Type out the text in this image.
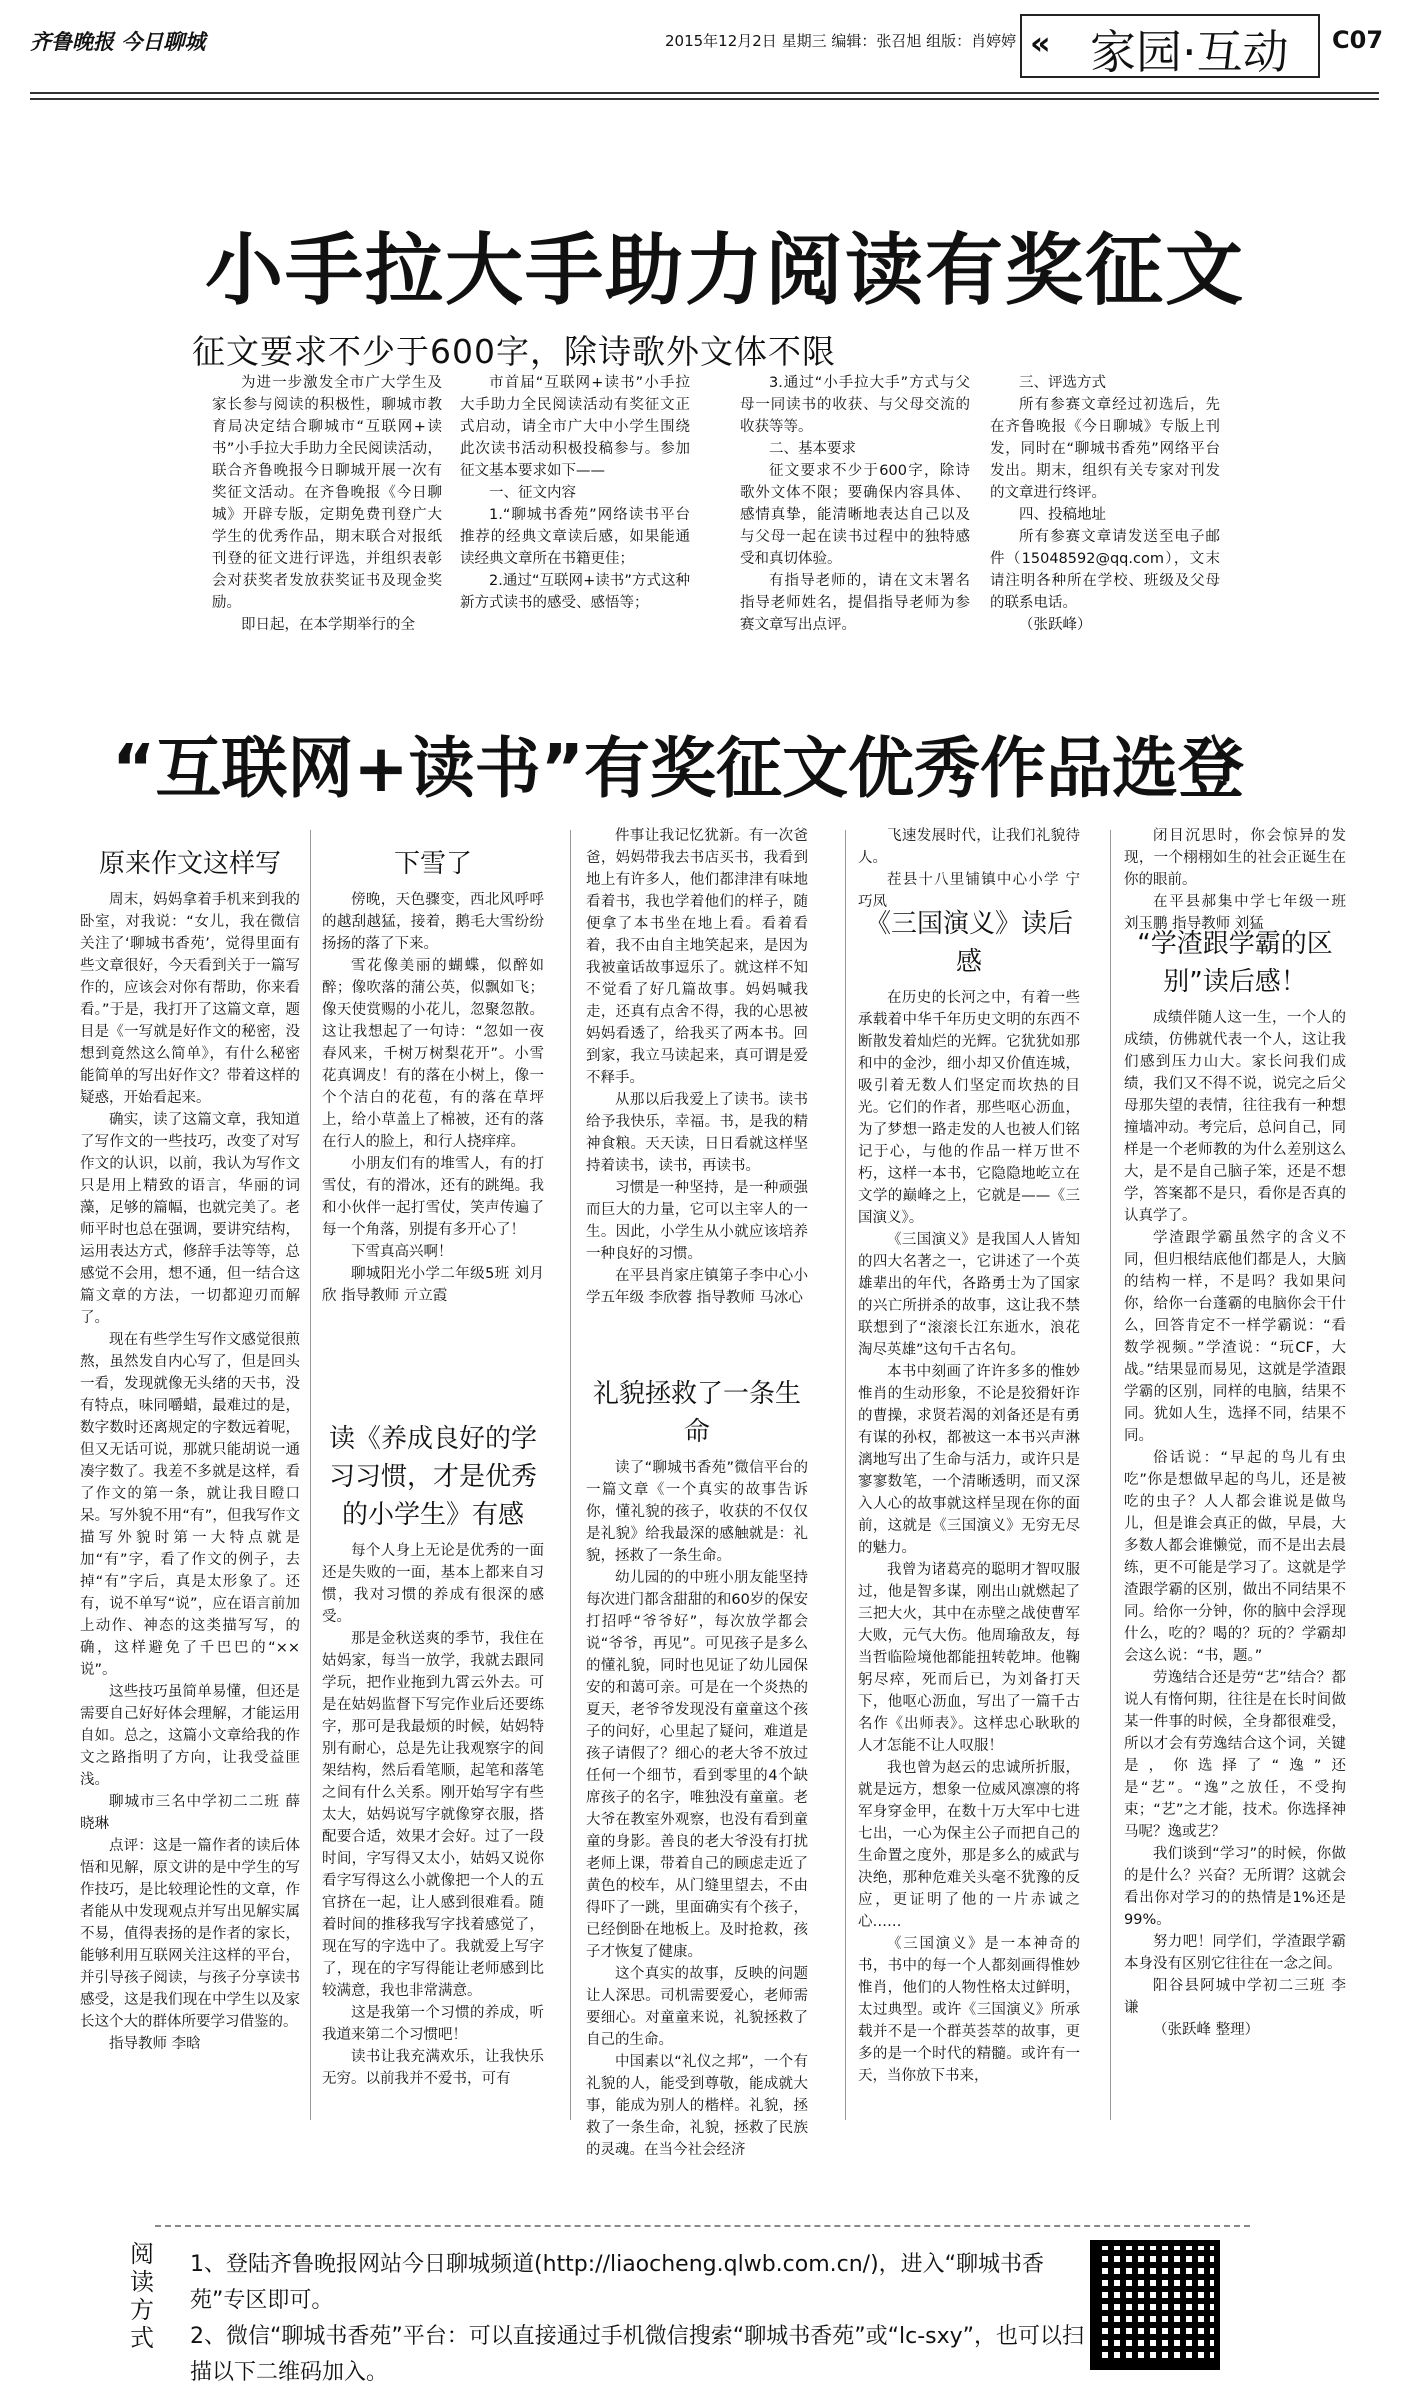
齐鲁晚报 今日聊城	2015年12月2日 星期三 编辑：张召旭 组版：肖婷婷 « 家园·互动 C07
小手拉大手助力阅读有奖征文
征文要求不少于600字，除诗歌外文体不限

为进一步激发全市广大学生及家长参与阅读的积极性，聊城市教育局决定结合聊城市“互联网+读书”小手拉大手助力全民阅读活动，联合齐鲁晚报今日聊城开展一次有奖征文活动。在齐鲁晚报《今日聊城》开辟专版，定期免费刊登广大学生的优秀作品，期末联合对报纸刊登的征文进行评选，并组织表彰会对获奖者发放获奖证书及现金奖励。

即日起，在本学期举行的全

市首届“互联网+读书”小手拉大手助力全民阅读活动有奖征文正式启动，请全市广大中小学生围绕此次读书活动积极投稿参与。参加征文基本要求如下——

一、征文内容

1.“聊城书香苑”网络读书平台推荐的经典文章读后感，如果能通读经典文章所在书籍更佳；

2.通过“互联网+读书”方式这种新方式读书的感受、感悟等；

3.通过“小手拉大手”方式与父母一同读书的收获、与父母交流的收获等等。

二、基本要求

征文要求不少于600字，除诗歌外文体不限；要确保内容具体、感情真挚，能清晰地表达自己以及与父母一起在读书过程中的独特感受和真切体验。

有指导老师的，请在文末署名指导老师姓名，提倡指导老师为参赛文章写出点评。

三、评选方式

所有参赛文章经过初选后，先在齐鲁晚报《今日聊城》专版上刊发，同时在“聊城书香苑”网络平台发出。期末，组织有关专家对刊发的文章进行终评。

四、投稿地址

所有参赛文章请发送至电子邮件（15048592@qq.com），文末请注明各种所在学校、班级及父母的联系电话。

（张跃峰）

“互联网+读书”有奖征文优秀作品选登
原来作文这样写

周末，妈妈拿着手机来到我的卧室，对我说：“女儿，我在微信关注了‘聊城书香苑’，觉得里面有些文章很好，今天看到关于一篇写作的，应该会对你有帮助，你来看看。”于是，我打开了这篇文章，题目是《一写就是好作文的秘密，没想到竟然这么简单》，有什么秘密能简单的写出好作文？带着这样的疑惑，开始看起来。

确实，读了这篇文章，我知道了写作文的一些技巧，改变了对写作文的认识，以前，我认为写作文只是用上精致的语言，华丽的词藻，足够的篇幅，也就完美了。老师平时也总在强调，要讲究结构，运用表达方式，修辞手法等等，总感觉不会用，想不通，但一结合这篇文章的方法，一切都迎刃而解了。

现在有些学生写作文感觉很煎熬，虽然发自内心写了，但是回头一看，发现就像无头绪的天书，没有特点，味同嚼蜡，最难过的是，数字数时还离规定的字数远着呢，但又无话可说，那就只能胡说一通凑字数了。我差不多就是这样，看了作文的第一条，就让我目瞪口呆。写外貌不用“有”，但我写作文描写外貌时第一大特点就是加“有”字，看了作文的例子，去掉“有”字后，真是太形象了。还有，说不单写“说”，应在语言前加上动作、神态的这类描写写，的确，这样避免了千巴巴的“××说”。

这些技巧虽简单易懂，但还是需要自己好好体会理解，才能运用自如。总之，这篇小文章给我的作文之路指明了方向，让我受益匪浅。

聊城市三名中学初二二班 薛晓琳

点评：这是一篇作者的读后体悟和见解，原文讲的是中学生的写作技巧，是比较理论性的文章，作者能从中发现观点并写出见解实属不易，值得表扬的是作者的家长，能够利用互联网关注这样的平台，并引导孩子阅读，与孩子分享读书感受，这是我们现在中学生以及家长这个大的群体所要学习借鉴的。

指导教师 李晗

下雪了

傍晚，天色骤变，西北风呼呼的越刮越猛，接着，鹅毛大雪纷纷扬扬的落了下来。

雪花像美丽的蝴蝶，似醉如醉；像吹落的蒲公英，似飘如飞；像天使赏赐的小花儿，忽聚忽散。这让我想起了一句诗：“忽如一夜春风来，千树万树梨花开”。小雪花真调皮！有的落在小树上，像一个个洁白的花苞，有的落在草坪上，给小草盖上了棉被，还有的落在行人的脸上，和行人挠痒痒。

小朋友们有的堆雪人，有的打雪仗，有的滑冰，还有的跳绳。我和小伙伴一起打雪仗，笑声传遍了每一个角落，别提有多开心了！

下雪真高兴啊！

聊城阳光小学二年级5班 刘月欣 指导教师 亓立霞

读《养成良好的学习习惯，才是优秀的小学生》有感

每个人身上无论是优秀的一面还是失败的一面，基本上都来自习惯，我对习惯的养成有很深的感受。

那是金秋送爽的季节，我住在姑妈家，每当一放学，我就去跟同学玩，把作业拖到九霄云外去。可是在姑妈监督下写完作业后还要练字，那可是我最烦的时候，姑妈特别有耐心，总是先让我观察字的间架结构，然后看笔顺，起笔和落笔之间有什么关系。刚开始写字有些太大，姑妈说写字就像穿衣服，搭配要合适，效果才会好。过了一段时间，字写得又太小，姑妈又说你看字写得这么小就像把一个人的五官挤在一起，让人感到很难看。随着时间的推移我写字找着感觉了，现在写的字选中了。我就爱上写字了，现在的字写得能让老师感到比较满意，我也非常满意。

这是我第一个习惯的养成，听我道来第二个习惯吧！

读书让我充满欢乐，让我快乐无穷。以前我并不爱书，可有

件事让我记忆犹新。有一次爸爸，妈妈带我去书店买书，我看到地上有许多人，他们都津津有味地看着书，我也学着他们的样子，随便拿了本书坐在地上看。看着看着，我不由自主地笑起来，是因为我被童话故事逗乐了。就这样不知不觉看了好几篇故事。妈妈喊我走，还真有点舍不得，我的心思被妈妈看透了，给我买了两本书。回到家，我立马读起来，真可谓是爱不释手。

从那以后我爱上了读书。读书给予我快乐，幸福。书，是我的精神食粮。天天读，日日看就这样坚持着读书，读书，再读书。

习惯是一种坚持，是一种顽强而巨大的力量，它可以主宰人的一生。因此，小学生从小就应该培养一种良好的习惯。

在平县肖家庄镇第子李中心小学五年级 李欣蓉 指导教师 马冰心

礼貌拯救了一条生命

读了“聊城书香苑”微信平台的一篇文章《一个真实的故事告诉你，懂礼貌的孩子，收获的不仅仅是礼貌》给我最深的感触就是：礼貌，拯救了一条生命。

幼儿园的的中班小朋友能坚持每次进门都含甜甜的和60岁的保安打招呼“爷爷好”，每次放学都会说“爷爷，再见”。可见孩子是多么的懂礼貌，同时也见证了幼儿园保安的和蔼可亲。可是在一个炎热的夏天，老爷爷发现没有童童这个孩子的问好，心里起了疑问，难道是孩子请假了？细心的老大爷不放过任何一个细节，看到零里的4个缺席孩子的名字，唯独没有童童。老大爷在教室外观察，也没有看到童童的身影。善良的老大爷没有打扰老师上课，带着自己的顾虑走近了黄色的校车，从门缝里望去，不由得吓了一跳，里面确实有个孩子，已经倒卧在地板上。及时抢救，孩子才恢复了健康。

这个真实的故事，反映的问题让人深思。司机需要爱心，老师需要细心。对童童来说，礼貌拯救了自己的生命。

中国素以“礼仪之邦”，一个有礼貌的人，能受到尊敬，能成就大事，能成为别人的楷样。礼貌，拯救了一条生命，礼貌，拯救了民族的灵魂。在当今社会经济

飞速发展时代，让我们礼貌待人。

茬县十八里铺镇中心小学 宁巧凤

《三国演义》读后感

在历史的长河之中，有着一些承载着中华千年历史文明的东西不断散发着灿烂的光辉。它犹犹如那和中的金沙，细小却又价值连城，吸引着无数人们坚定而坎热的目光。它们的作者，那些呕心沥血，为了梦想一路走发的人也被人们铭记于心，与他的作品一样万世不朽，这样一本书，它隐隐地屹立在文学的巅峰之上，它就是——《三国演义》。

《三国演义》是我国人人皆知的四大名著之一，它讲述了一个英雄辈出的年代，各路勇士为了国家的兴亡所拼杀的故事，这让我不禁联想到了“滚滚长江东逝水，浪花淘尽英雄”这句千古名句。

本书中刻画了许许多多的惟妙惟肖的生动形象，不论是狡猾奸诈的曹操，求贤若渴的刘备还是有勇有谋的孙权，都被这一本书兴声淋漓地写出了生命与活力，或许只是寥寥数笔，一个清晰透明，而又深入人心的故事就这样呈现在你的面前，这就是《三国演义》无穷无尽的魅力。

我曾为诸葛亮的聪明才智叹服过，他是智多谋，刚出山就燃起了三把大火，其中在赤壁之战使曹军大败，元气大伤。他周瑜敌友，每当哲临险境他都能扭转乾坤。他鞠躬尽瘁，死而后已，为刘备打天下，他呕心沥血，写出了一篇千古名作《出师表》。这样忠心耿耿的人才怎能不让人叹服！

我也曾为赵云的忠诚所折服，就是远方，想象一位威风凛凛的将军身穿金甲，在数十万大军中七进七出，一心为保主公子而把自己的生命置之度外，那是多么的威武与决绝，那种危难关头毫不犹豫的反应，更证明了他的一片赤诚之心……

《三国演义》是一本神奇的书，书中的每一个人都刻画得惟妙惟肖，他们的人物性格太过鲜明，太过典型。或许《三国演义》所承载并不是一个群英荟萃的故事，更多的是一个时代的精髓。或许有一天，当你放下书来，

闭目沉思时，你会惊异的发现，一个栩栩如生的社会正诞生在你的眼前。

在平县郝集中学七年级一班 刘玉鹏 指导教师 刘猛

“学渣跟学霸的区别”读后感！

成绩伴随人这一生，一个人的成绩，仿佛就代表一个人，这让我们感到压力山大。家长问我们成绩，我们又不得不说，说完之后父母那失望的表情，往往我有一种想撞墙冲动。考完后，总问自己，同样是一个老师教的为什么差别这么大，是不是自己脑子笨，还是不想学，答案都不是只，看你是否真的认真学了。

学渣跟学霸虽然字的含义不同，但归根结底他们都是人，大脑的结构一样，不是吗？我如果问你，给你一台蓬霸的电脑你会干什么，回答肯定不一样学霸说：“看数学视频。”学渣说：“玩CF，大战。”结果显而易见，这就是学渣跟学霸的区别，同样的电脑，结果不同。犹如人生，选择不同，结果不同。

俗话说：“早起的鸟儿有虫吃”你是想做早起的鸟儿，还是被吃的虫子？人人都会谁说是做鸟儿，但是谁会真正的做，早晨，大多数人都会谁懒觉，而不是出去晨练，更不可能是学习了。这就是学渣跟学霸的区别，做出不同结果不同。给你一分钟，你的脑中会浮现什么，吃的？喝的？玩的？学霸却会这么说：“书，题。”

劳逸结合还是劳“艺”结合？都说人有惰何期，往往是在长时间做某一件事的时候，全身都很难受，所以才会有劳逸结合这个词，关键是，你选择了“逸”还是“艺”。“逸”之放任，不受拘束；“艺”之才能，技术。你选择神马呢？逸或艺？

我们谈到“学习”的时候，你做的是什么？兴奋？无所谓？这就会看出你对学习的的热情是1%还是99%。

努力吧！同学们，学渣跟学霸本身没有区别它往往在一念之间。

阳谷县阿城中学初二三班 李谦

（张跃峰 整理）

阅读方式
1、登陆齐鲁晚报网站今日聊城频道(http://liaocheng.qlwb.com.cn/)，进入“聊城书香苑”专区即可。
2、微信“聊城书香苑”平台：可以直接通过手机微信搜索“聊城书香苑”或“lc-sxy”，也可以扫描以下二维码加入。
